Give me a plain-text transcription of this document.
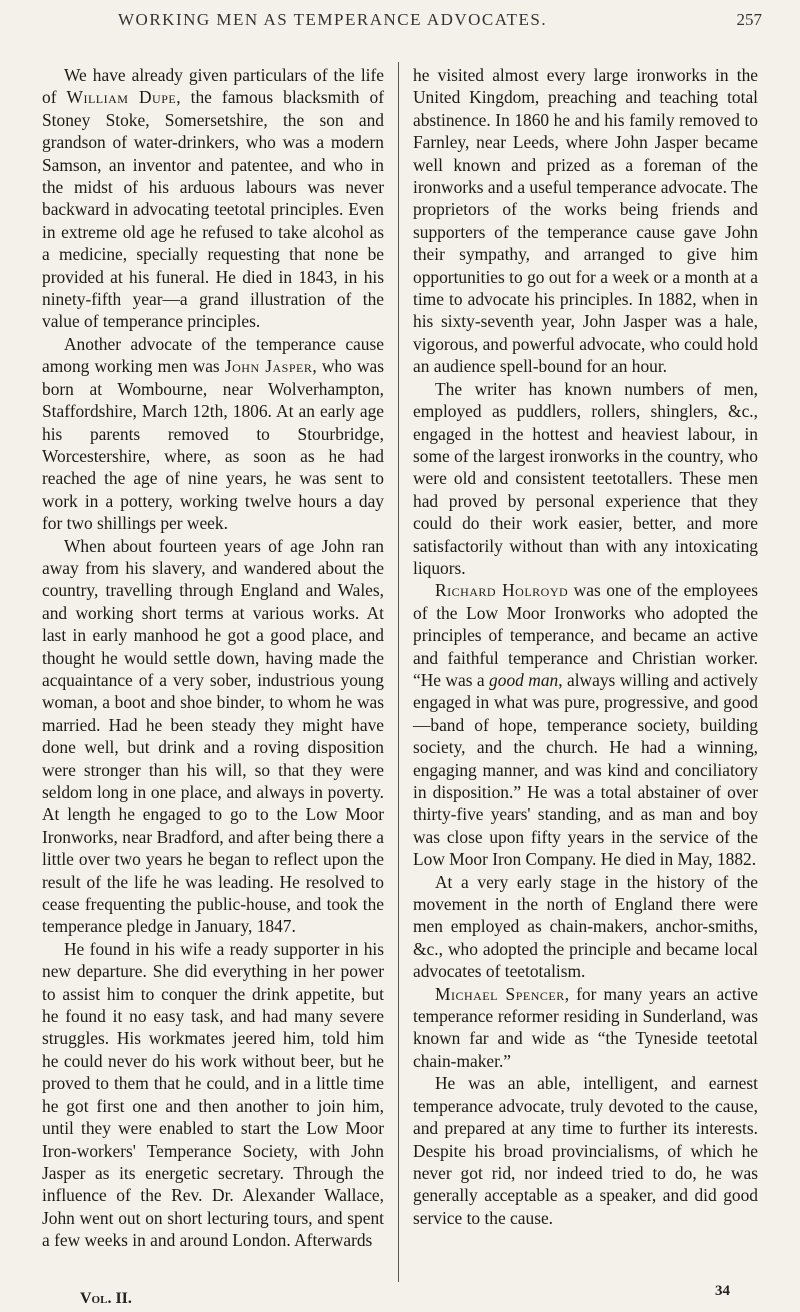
WORKING MEN AS TEMPERANCE ADVOCATES.	257

We have already given particulars of the life of William Dupe, the famous blacksmith of Stoney Stoke, Somersetshire, the son and grandson of water-drinkers, who was a modern Samson, an inventor and patentee, and who in the midst of his arduous labours was never backward in advocating teetotal principles. Even in extreme old age he refused to take alcohol as a medicine, specially requesting that none be provided at his funeral. He died in 1843, in his ninety-fifth year—a grand illustration of the value of temperance principles.

Another advocate of the temperance cause among working men was John Jasper, who was born at Wombourne, near Wolverhampton, Staffordshire, March 12th, 1806. At an early age his parents removed to Stourbridge, Worcestershire, where, as soon as he had reached the age of nine years, he was sent to work in a pottery, working twelve hours a day for two shillings per week.

When about fourteen years of age John ran away from his slavery, and wandered about the country, travelling through England and Wales, and working short terms at various works. At last in early manhood he got a good place, and thought he would settle down, having made the acquaintance of a very sober, industrious young woman, a boot and shoe binder, to whom he was married. Had he been steady they might have done well, but drink and a roving disposition were stronger than his will, so that they were seldom long in one place, and always in poverty. At length he engaged to go to the Low Moor Ironworks, near Bradford, and after being there a little over two years he began to reflect upon the result of the life he was leading. He resolved to cease frequenting the public-house, and took the temperance pledge in January, 1847.

He found in his wife a ready supporter in his new departure. She did everything in her power to assist him to conquer the drink appetite, but he found it no easy task, and had many severe struggles. His workmates jeered him, told him he could never do his work without beer, but he proved to them that he could, and in a little time he got first one and then another to join him, until they were enabled to start the Low Moor Iron-workers' Temperance Society, with John Jasper as its energetic secretary. Through the influence of the Rev. Dr. Alexander Wallace, John went out on short lecturing tours, and spent a few weeks in and around London. Afterwards

he visited almost every large ironworks in the United Kingdom, preaching and teaching total abstinence. In 1860 he and his family removed to Farnley, near Leeds, where John Jasper became well known and prized as a foreman of the ironworks and a useful temperance advocate. The proprietors of the works being friends and supporters of the temperance cause gave John their sympathy, and arranged to give him opportunities to go out for a week or a month at a time to advocate his principles. In 1882, when in his sixty-seventh year, John Jasper was a hale, vigorous, and powerful advocate, who could hold an audience spell-bound for an hour.

The writer has known numbers of men, employed as puddlers, rollers, shinglers, &c., engaged in the hottest and heaviest labour, in some of the largest ironworks in the country, who were old and consistent teetotallers. These men had proved by personal experience that they could do their work easier, better, and more satisfactorily without than with any intoxicating liquors.

Richard Holroyd was one of the employees of the Low Moor Ironworks who adopted the principles of temperance, and became an active and faithful temperance and Christian worker. “He was a good man, always willing and actively engaged in what was pure, progressive, and good—band of hope, temperance society, building society, and the church. He had a winning, engaging manner, and was kind and conciliatory in disposition.” He was a total abstainer of over thirty-five years' standing, and as man and boy was close upon fifty years in the service of the Low Moor Iron Company. He died in May, 1882.

At a very early stage in the history of the movement in the north of England there were men employed as chain-makers, anchor-smiths, &c., who adopted the principle and became local advocates of teetotalism.

Michael Spencer, for many years an active temperance reformer residing in Sunderland, was known far and wide as “the Tyneside teetotal chain-maker.”

He was an able, intelligent, and earnest temperance advocate, truly devoted to the cause, and prepared at any time to further its interests. Despite his broad provincialisms, of which he never got rid, nor indeed tried to do, he was generally acceptable as a speaker, and did good service to the cause.

Vol. II.	34
